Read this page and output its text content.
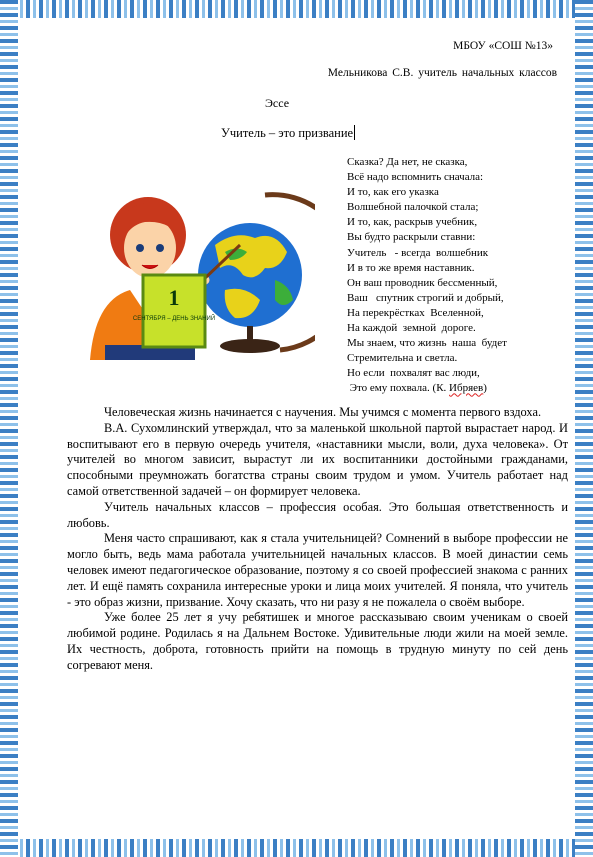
МБОУ «СОШ №13»
Мельникова С.В. учитель начальных классов
Эссе
Учитель – это призвание
1
СЕНТЯБРЯ – ДЕНЬ ЗНАНИЙ
Сказка? Да нет, не сказка,
Всё надо вспомнить сначала:
И то, как его указка
Волшебной палочкой стала;
И то, как, раскрыв учебник,
Вы будто раскрыли ставни:
Учитель   - всегда  волшебник
И в то же время наставник.
Он ваш проводник бессменный,
Ваш   спутник строгий и добрый,
На перекрёстках  Вселенной,
На каждой  земной  дороге.
Мы знаем, что жизнь  наша  будет
Стремительна и светла.
Но если  похвалят вас люди,
Это ему похвала. (К. Ибряев)

Человеческая жизнь начинается с научения. Мы учимся с момента первого вздоха.

В.А. Сухомлинский утверждал, что за маленькой школьной партой вырастает народ. И воспитывают его в первую очередь учителя, «наставники мысли, воли, духа человека». От учителей во многом зависит, вырастут ли их воспитанники достойными гражданами, способными преумножать богатства страны своим трудом и умом. Учитель работает над самой ответственной задачей – он формирует человека.

Учитель начальных классов – профессия особая. Это большая ответственность и любовь.

Меня часто спрашивают, как я стала учительницей? Сомнений в выборе профессии не могло быть, ведь мама работала учительницей начальных классов. В моей династии семь человек имеют педагогическое образование, поэтому я со своей профессией знакома с ранних лет. И ещё память сохранила интересные уроки и лица моих учителей. Я поняла, что учитель - это образ жизни, призвание. Хочу сказать, что ни разу я не пожалела о своём выборе.

Уже более 25 лет я учу ребятишек и многое рассказываю своим ученикам о своей любимой родине. Родилась я на Дальнем Востоке. Удивительные люди жили на моей земле. Их честность, доброта, готовность прийти на помощь в трудную минуту по сей день согревают меня.
